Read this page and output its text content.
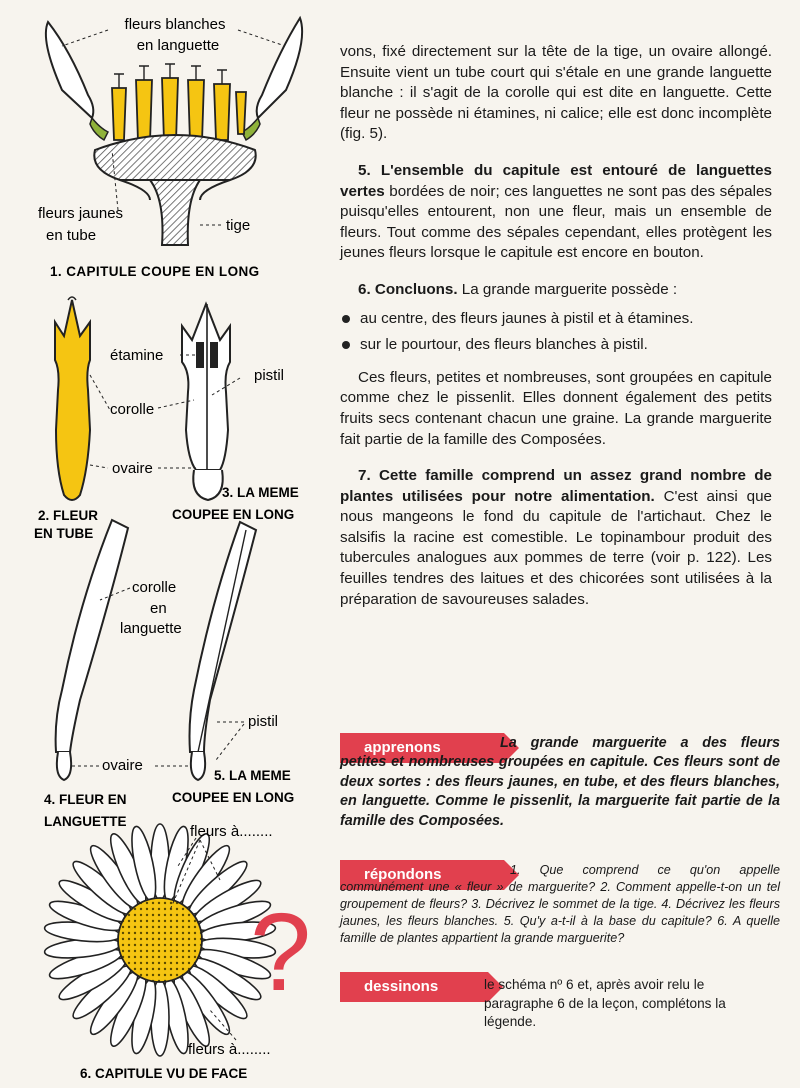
fleurs blanches
en languette
fleurs jaunes
en tube
tige
1. CAPITULE COUPE EN LONG
2. FLEUR
EN TUBE
étamine
corolle
pistil
ovaire
3. LA MEME
COUPEE EN LONG
corolle
en
languette
ovaire
4. FLEUR EN
LANGUETTE
pistil
5. LA MEME
COUPEE EN LONG
fleurs à........
fleurs à........
6. CAPITULE VU DE FACE
?

vons, fixé directement sur la tête de la tige, un ovaire allongé. Ensuite vient un tube court qui s'étale en une grande languette blanche : il s'agit de la corolle qui est dite en languette. Cette fleur ne possède ni étamines, ni calice; elle est donc incomplète (fig. 5).

5. L'ensemble du capitule est entouré de languettes vertes bordées de noir; ces languettes ne sont pas des sépales puisqu'elles entourent, non une fleur, mais un ensemble de fleurs. Tout comme des sépales cependant, elles protègent les jeunes fleurs lorsque le capitule est encore en bouton.

6. Concluons. La grande marguerite possède :

au centre, des fleurs jaunes à pistil et à étamines.
sur le pourtour, des fleurs blanches à pistil.

Ces fleurs, petites et nombreuses, sont groupées en capitule comme chez le pissenlit. Elles donnent également des petits fruits secs contenant chacun une graine. La grande marguerite fait partie de la famille des Composées.

7. Cette famille comprend un assez grand nombre de plantes utilisées pour notre alimentation. C'est ainsi que nous mangeons le fond du capitule de l'artichaut. Chez le salsifis la racine est comestible. Le topinambour produit des tubercules analogues aux pommes de terre (voir p. 122). Les feuilles tendres des laitues et des chicorées sont utilisées à la préparation de savoureuses salades.

apprenons	La grande marguerite a des fleurs petites et nombreuses groupées en capitule. Ces fleurs sont de deux sortes : des fleurs jaunes, en tube, et des fleurs blanches, en languette. Comme le pissenlit, la marguerite fait partie de la famille des Composées.

répondons	1. Que comprend ce qu'on appelle communément une « fleur » de marguerite? 2. Comment appelle-t-on un tel groupement de fleurs? 3. Décrivez le sommet de la tige. 4. Décrivez les fleurs jaunes, les fleurs blanches. 5. Qu'y a-t-il à la base du capitule? 6. A quelle famille de plantes appartient la grande marguerite?

dessinons	le schéma nº 6 et, après avoir relu le paragraphe 6 de la leçon, complétons la légende.
